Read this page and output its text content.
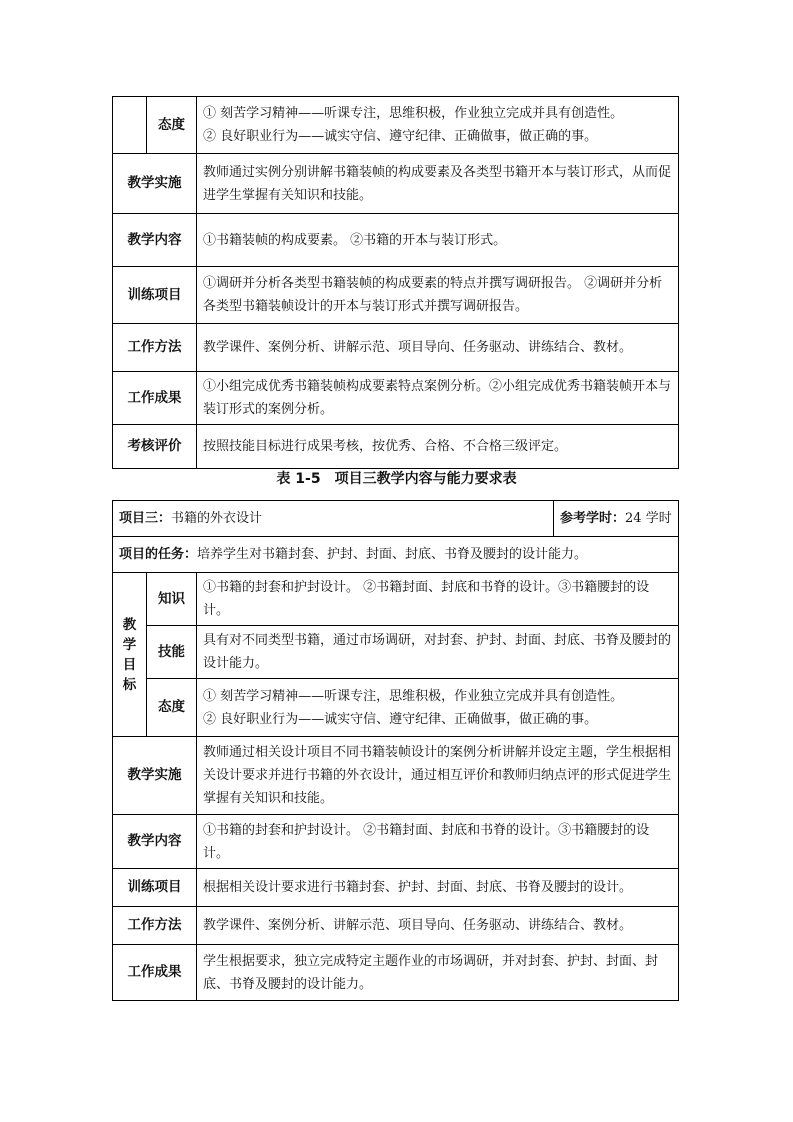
	态度	① 刻苦学习精神——听课专注，思维积极，作业独立完成并具有创造性。
② 良好职业行为——诚实守信、遵守纪律、正确做事，做正确的事。

教学实施		教师通过实例分别讲解书籍装帧的构成要素及各类型书籍开本与装订形式，从而促进学生掌握有关知识和技能。
教学内容		①书籍装帧的构成要素。 ②书籍的开本与装订形式。
训练项目		①调研并分析各类型书籍装帧的构成要素的特点并撰写调研报告。 ②调研并分析各类型书籍装帧设计的开本与装订形式并撰写调研报告。
工作方法		教学课件、案例分析、讲解示范、项目导向、任务驱动、讲练结合、教材。
工作成果		①小组完成优秀书籍装帧构成要素特点案例分析。②小组完成优秀书籍装帧开本与装订形式的案例分析。
考核评价		按照技能目标进行成果考核，按优秀、合格、不合格三级评定。
表 1-5　项目三教学内容与能力要求表
项目三：书籍的外衣设计			参考学时：24 学时
项目的任务：培养学生对书籍封套、护封、封面、封底、书脊及腰封的设计能力。			

教
学
目
标	知识	①书籍的封套和护封设计。 ②书籍封面、封底和书脊的设计。③书籍腰封的设计。	
	技能	具有对不同类型书籍，通过市场调研，对封套、护封、封面、封底、书脊及腰封的设计能力。	
	态度	① 刻苦学习精神——听课专注，思维积极，作业独立完成并具有创造性。
② 良好职业行为——诚实守信、遵守纪律、正确做事，做正确的事。	

教学实施		教师通过相关设计项目不同书籍装帧设计的案例分析讲解并设定主题，学生根据相关设计要求并进行书籍的外衣设计，通过相互评价和教师归纳点评的形式促进学生掌握有关知识和技能。	
教学内容		①书籍的封套和护封设计。 ②书籍封面、封底和书脊的设计。③书籍腰封的设计。	
训练项目		根据相关设计要求进行书籍封套、护封、封面、封底、书脊及腰封的设计。	
工作方法		教学课件、案例分析、讲解示范、项目导向、任务驱动、讲练结合、教材。	
工作成果		学生根据要求，独立完成特定主题作业的市场调研，并对封套、护封、封面、封底、书脊及腰封的设计能力。	
